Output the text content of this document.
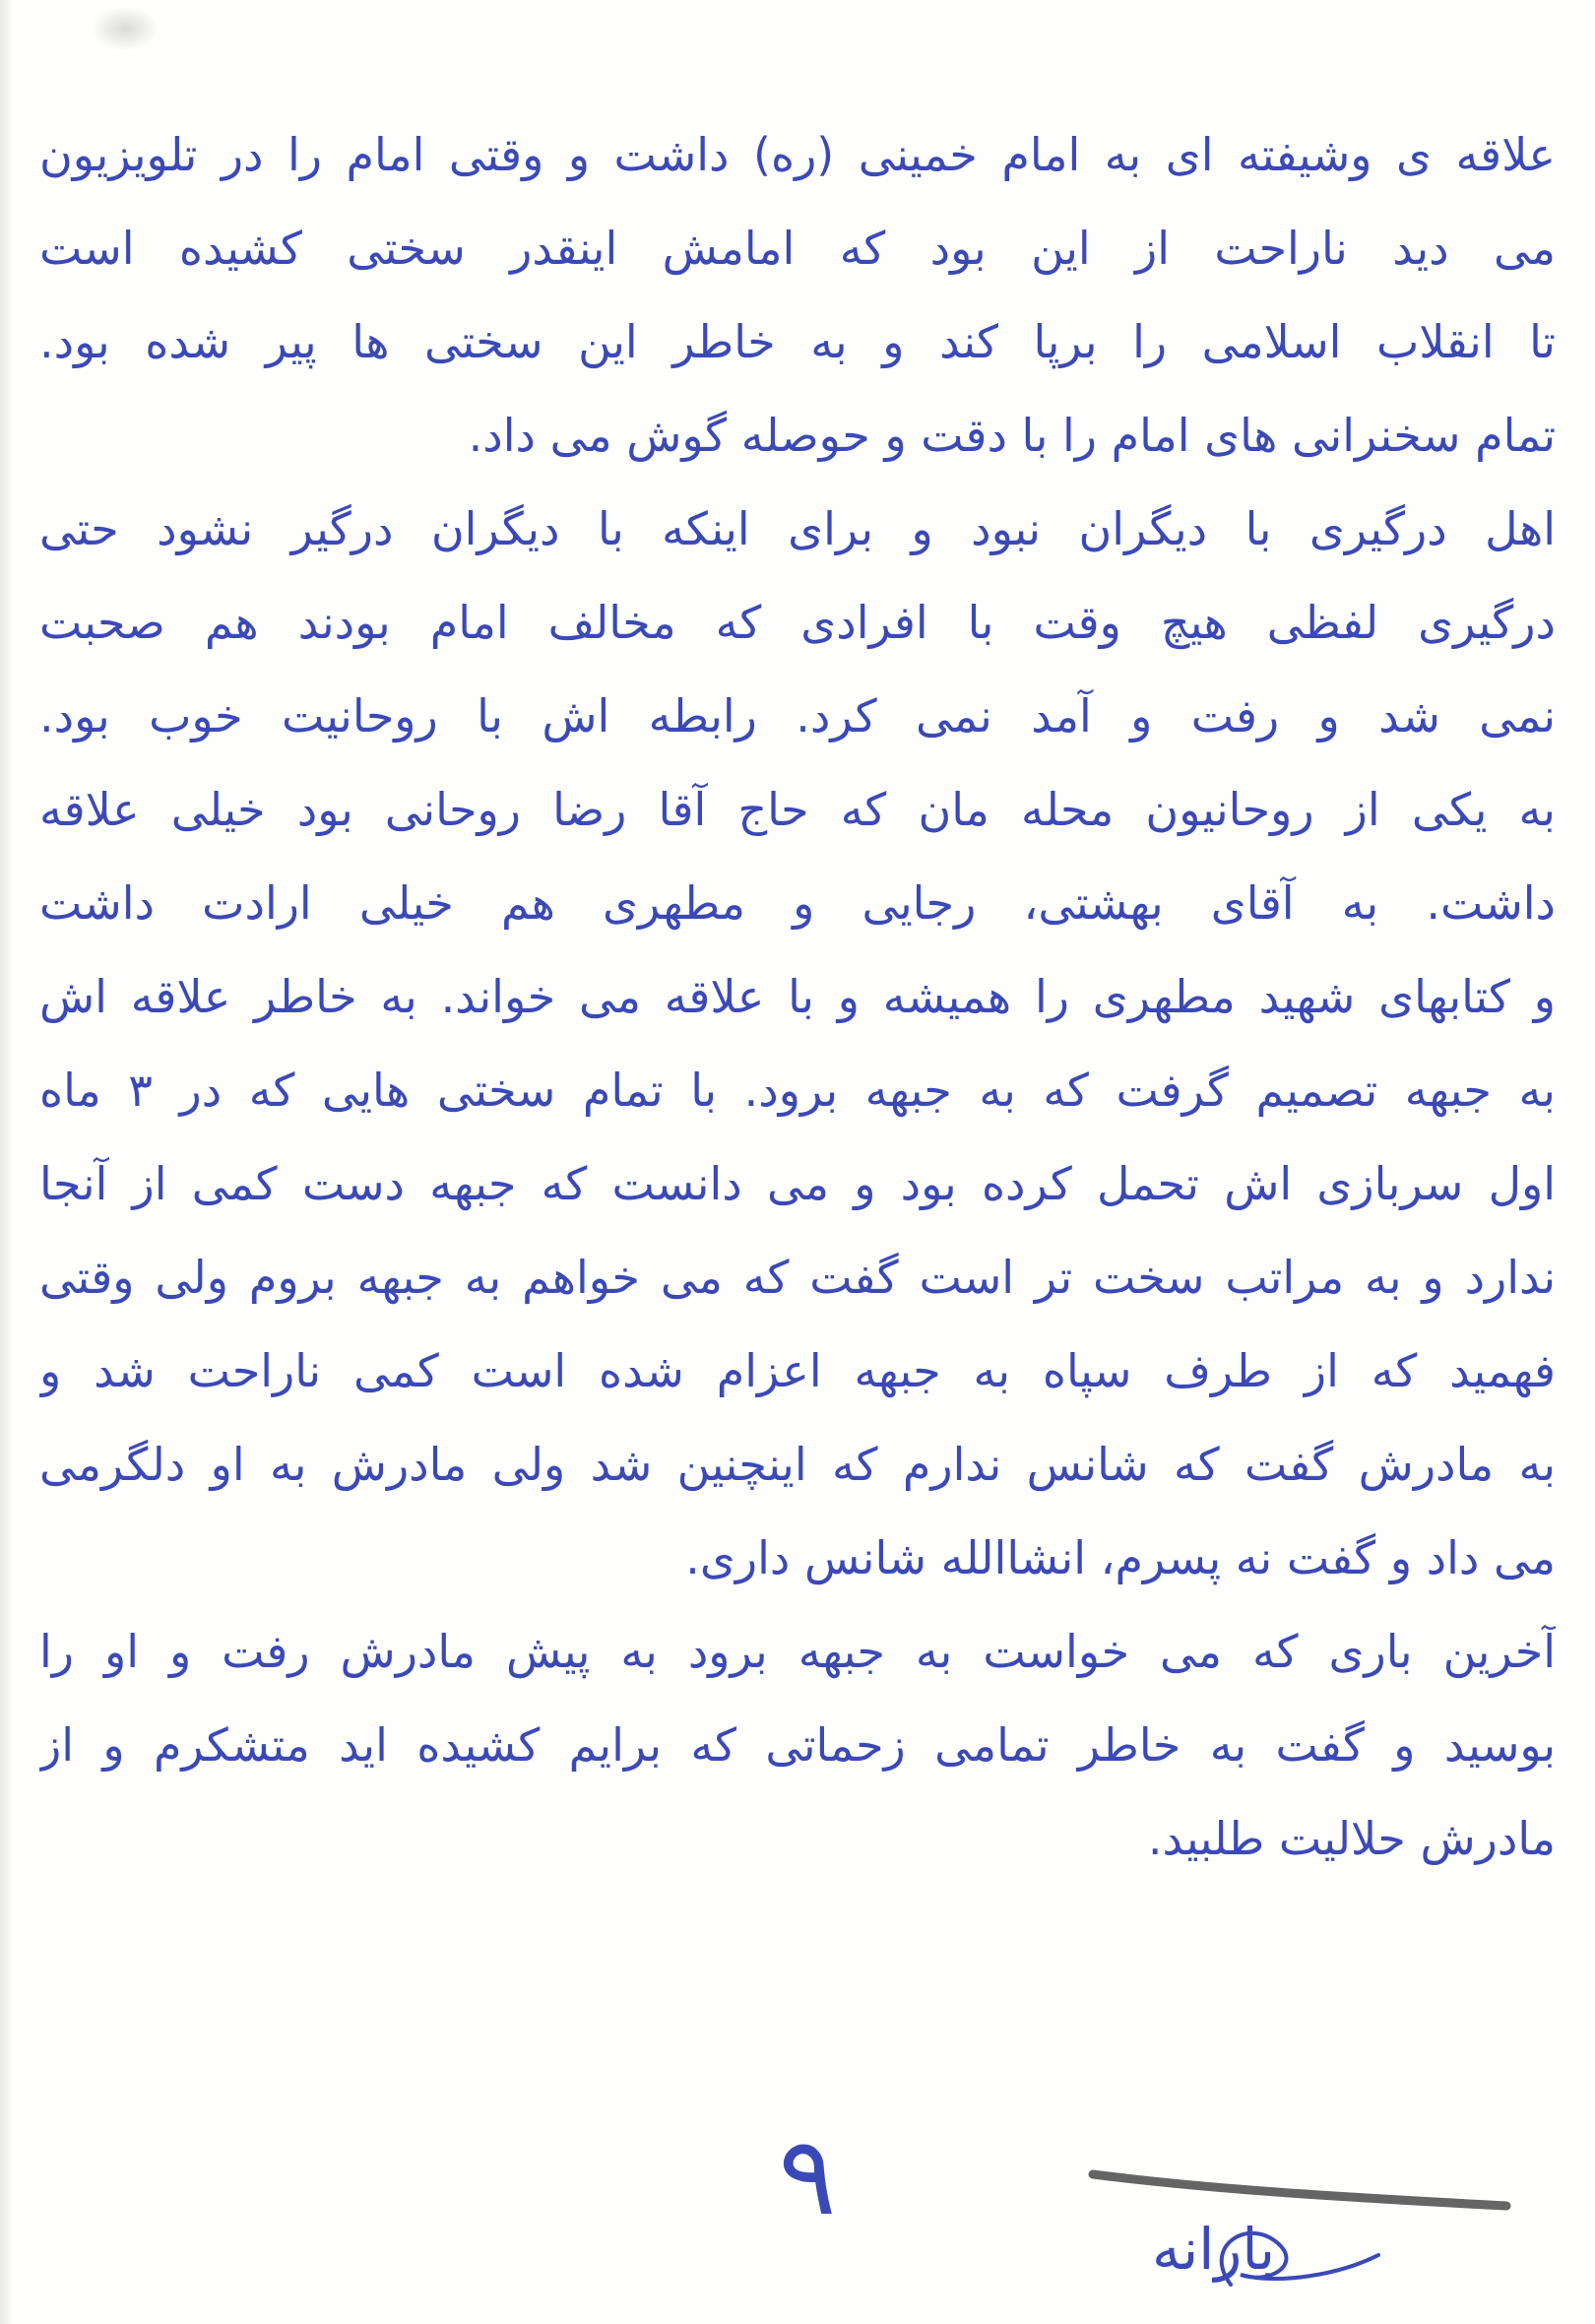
علاقه ی وشیفته ای به امام خمینی (ره) داشت و وقتی امام را در تلویزیون
می دید ناراحت از این بود که امامش اینقدر سختی کشیده است
تا انقلاب اسلامی را برپا کند و به خاطر این سختی ها پیر شده بود.
تمام سخنرانی های امام را با دقت و حوصله گوش می داد.
اهل درگیری با دیگران نبود و برای اینکه با دیگران درگیر نشود حتی
درگیری لفظی هیچ وقت با افرادی که مخالف امام بودند هم صحبت
نمی شد و رفت و آمد نمی کرد. رابطه اش با روحانیت خوب بود.
به یکی از روحانیون محله مان که حاج آقا رضا روحانی بود خیلی علاقه
داشت. به آقای بهشتی، رجایی و مطهری هم خیلی ارادت داشت
و کتابهای شهید مطهری را همیشه و با علاقه می خواند. به خاطر علاقه اش
به جبهه تصمیم گرفت که به جبهه برود. با تمام سختی هایی که در ۳ ماه
اول سربازی اش تحمل کرده بود و می دانست که جبهه دست کمی از آنجا
ندارد و به مراتب سخت تر است گفت که می خواهم به جبهه بروم ولی وقتی
فهمید که از طرف سپاه به جبهه اعزام شده است کمی ناراحت شد و
به مادرش گفت که شانس ندارم که اینچنین شد ولی مادرش به او دلگرمی
می داد و گفت نه پسرم، انشاالله شانس داری.
آخرین باری که می خواست به جبهه برود به پیش مادرش رفت و او را
بوسید و گفت به خاطر تمامی زحماتی که برایم کشیده اید متشکرم و از
مادرش حلالیت طلبید.
۹
بارانه
